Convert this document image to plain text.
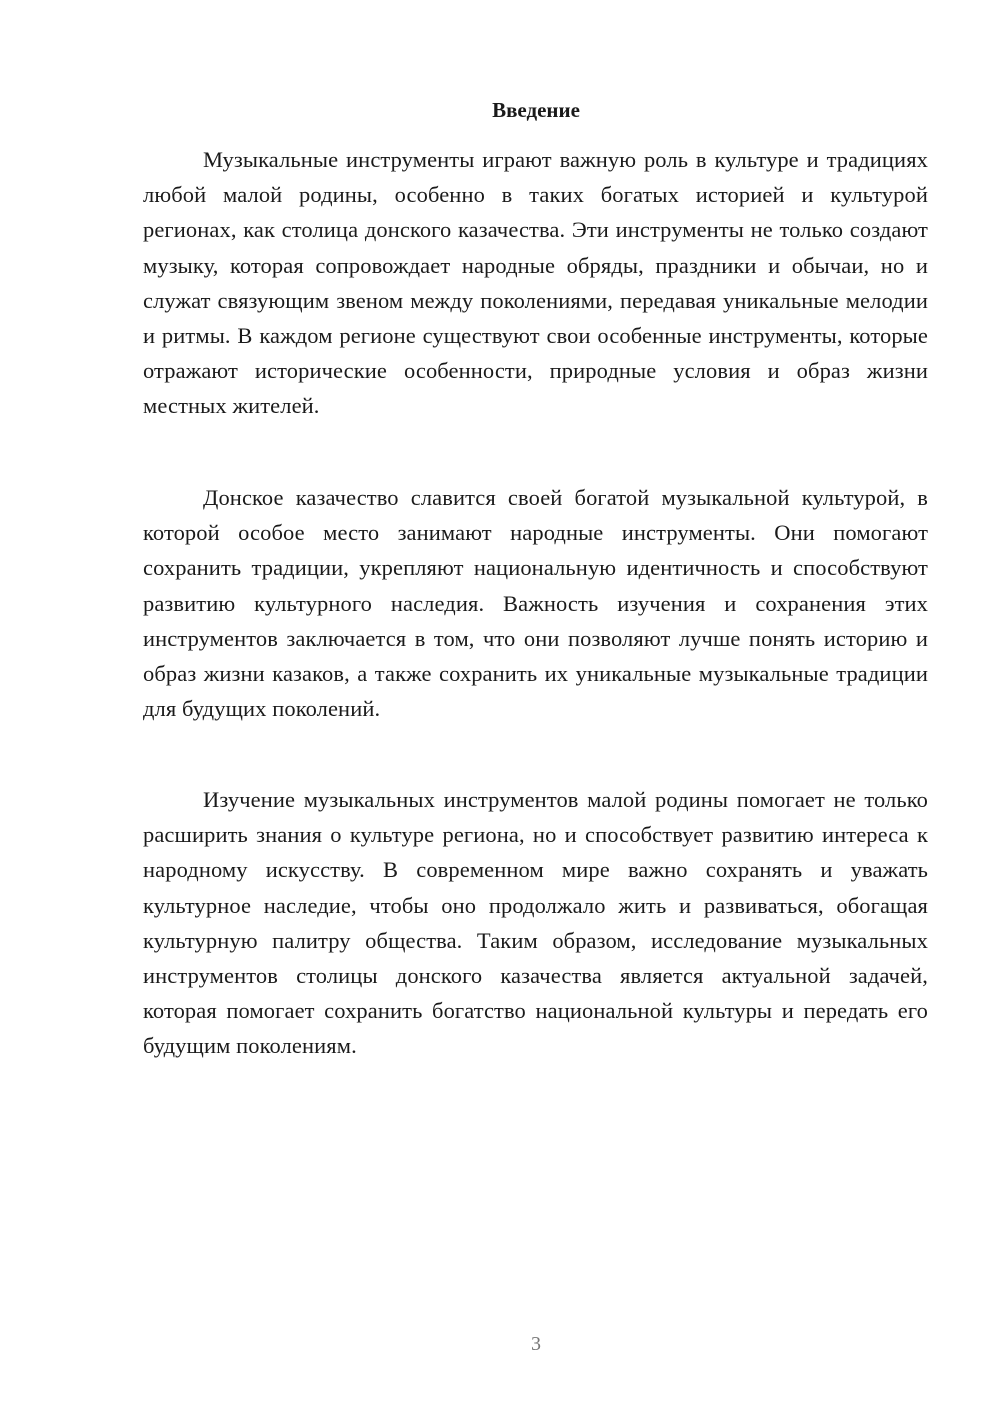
Введение

Музыкальные инструменты играют важную роль в культуре и традициях любой малой родины, особенно в таких богатых историей и культурой регионах, как столица донского казачества. Эти инструменты не только создают музыку, которая сопровождает народные обряды, праздники и обычаи, но и служат связующим звеном между поколениями, передавая уникальные мелодии и ритмы. В каждом регионе существуют свои особенные инструменты, которые отражают исторические особенности, природные условия и образ жизни местных жителей.

Донское казачество славится своей богатой музыкальной культурой, в которой особое место занимают народные инструменты. Они помогают сохранить традиции, укрепляют национальную идентичность и способствуют развитию культурного наследия. Важность изучения и сохранения этих инструментов заключается в том, что они позволяют лучше понять историю и образ жизни казаков, а также сохранить их уникальные музыкальные традиции для будущих поколений.

Изучение музыкальных инструментов малой родины помогает не только расширить знания о культуре региона, но и способствует развитию интереса к народному искусству. В современном мире важно сохранять и уважать культурное наследие, чтобы оно продолжало жить и развиваться, обогащая культурную палитру общества. Таким образом, исследование музыкальных инструментов столицы донского казачества является актуальной задачей, которая помогает сохранить богатство национальной культуры и передать его будущим поколениям.

3
